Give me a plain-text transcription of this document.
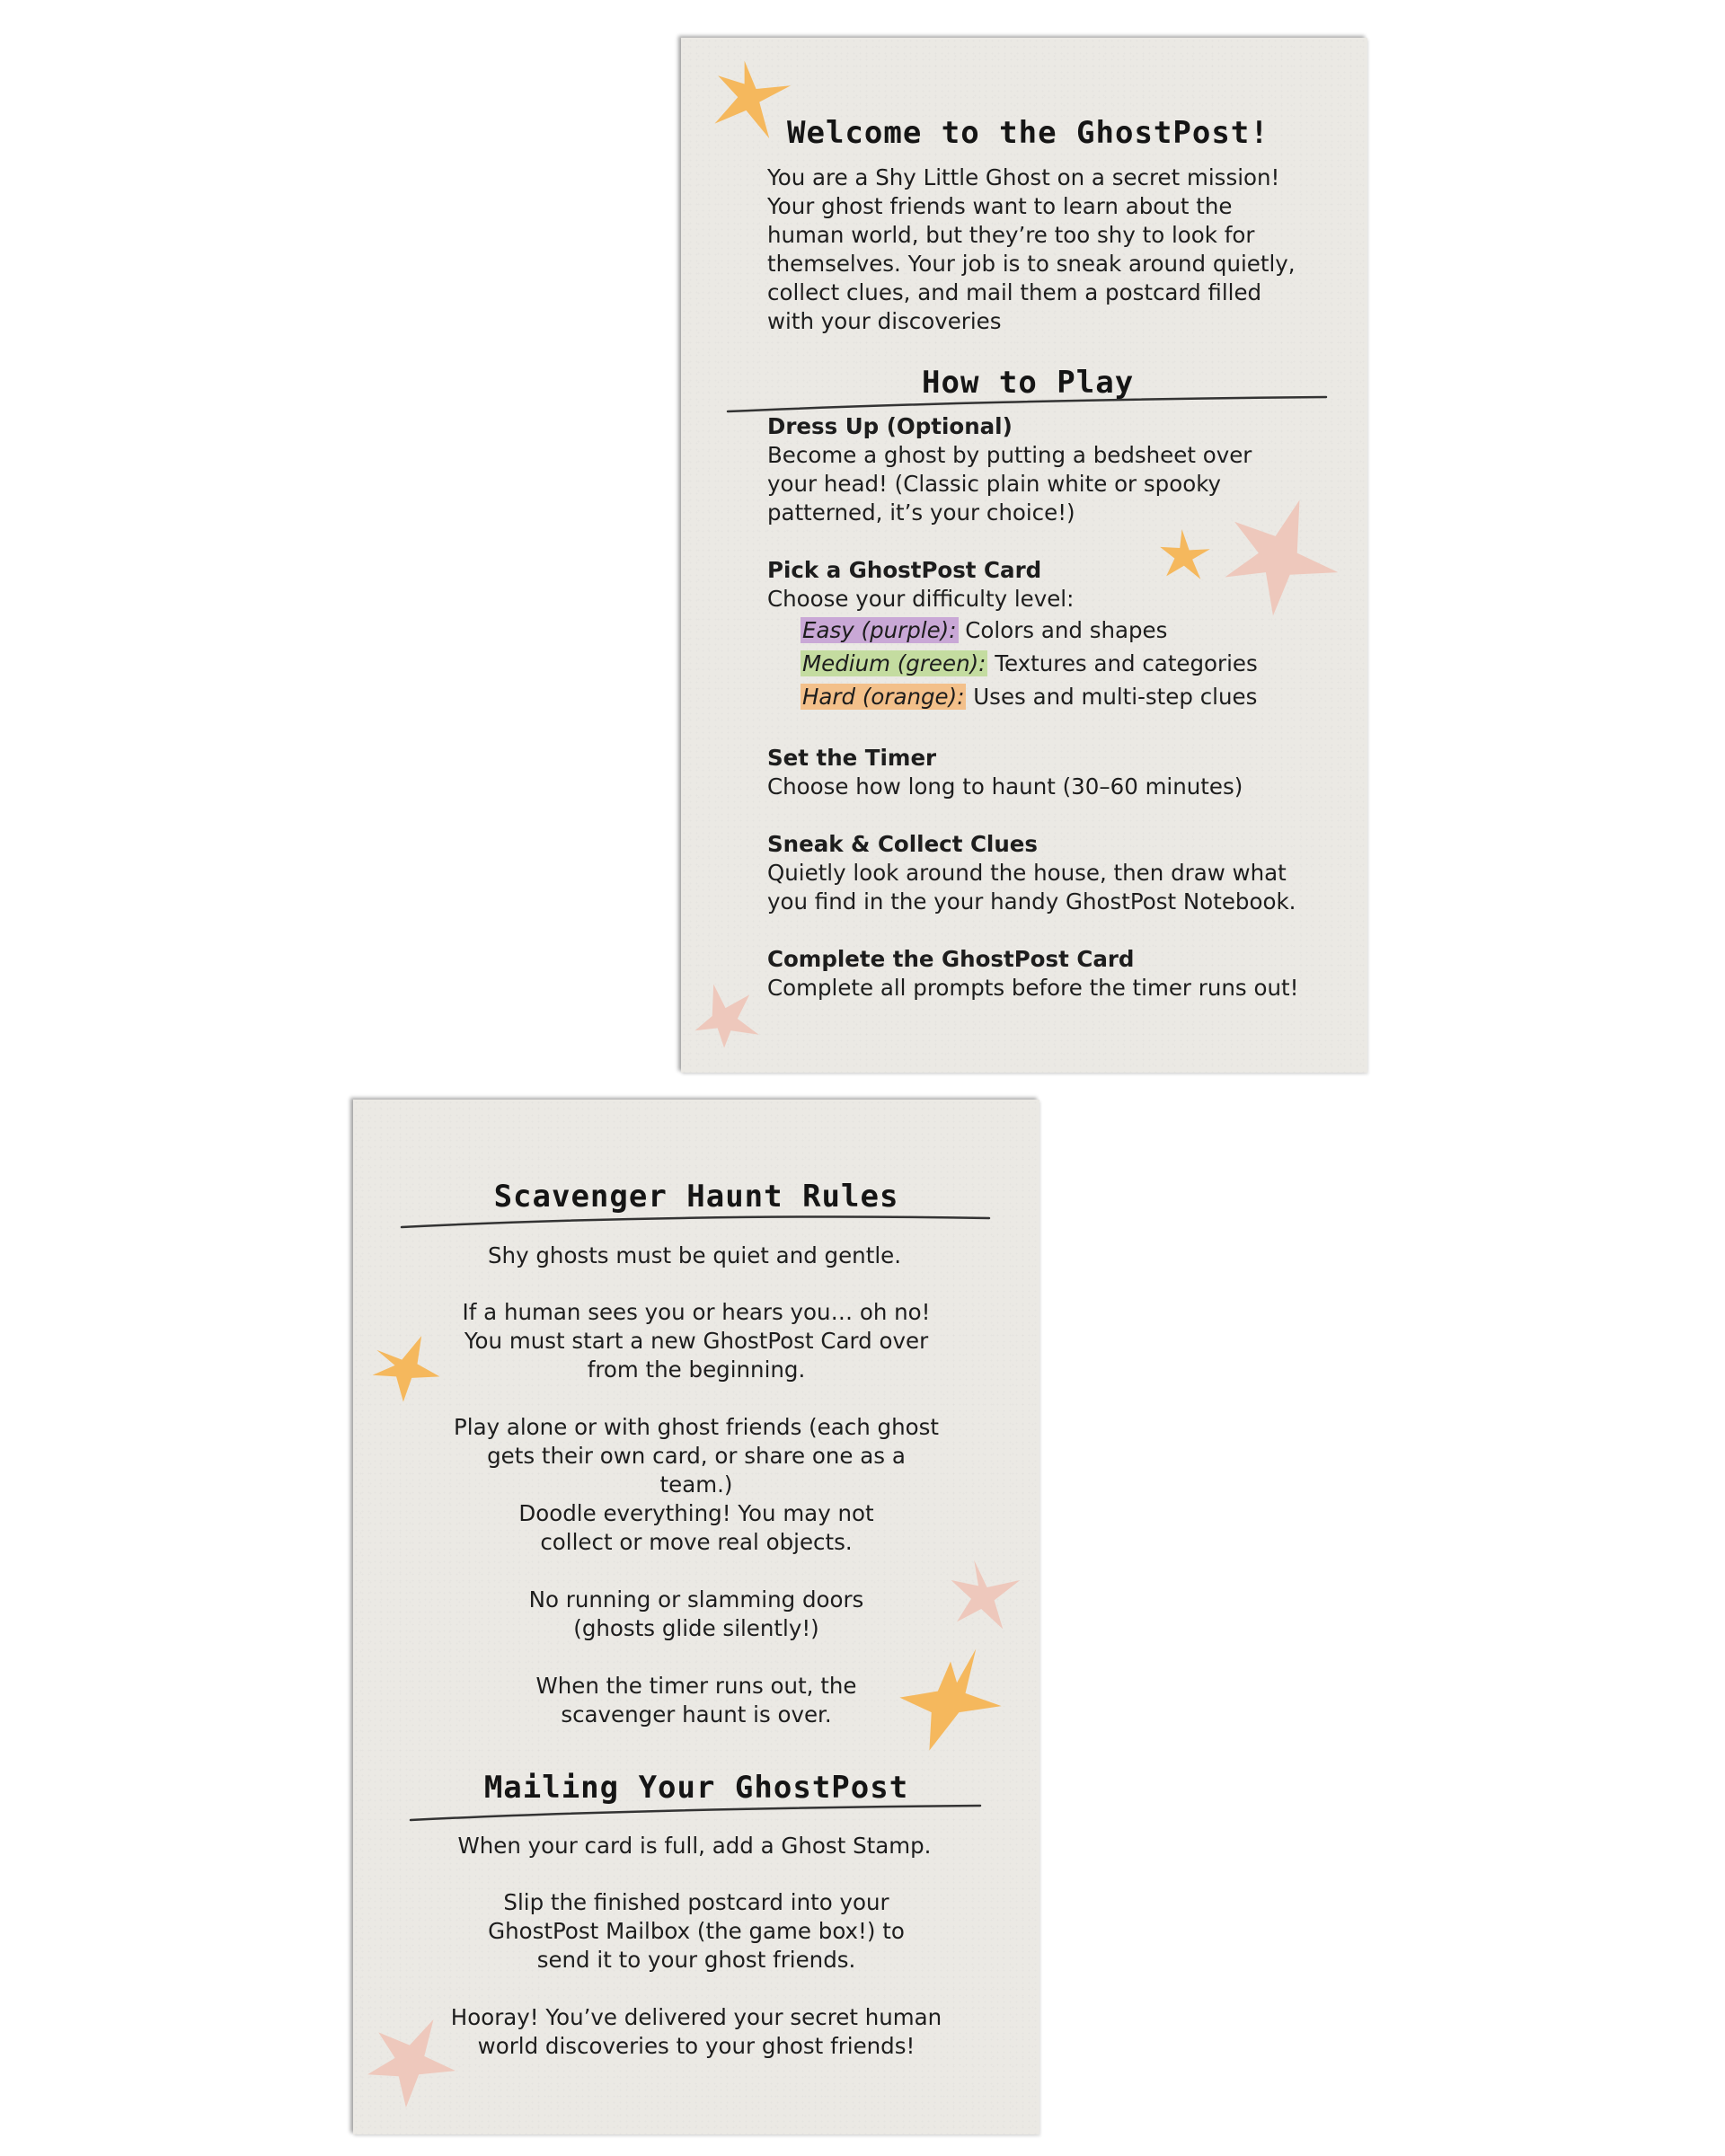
Welcome to the GhostPost!

You are a Shy Little Ghost on a secret mission! Your ghost friends want to learn about the human world, but they’re too shy to look for themselves. Your job is to sneak around quietly, collect clues, and mail them a postcard filled with your discoveries

How to Play
Dress Up (Optional)
Become a ghost by putting a bedsheet over your head! (Classic plain white or spooky patterned, it’s your choice!)
Pick a GhostPost Card
Choose your difficulty level:
Easy (purple): Colors and shapes
Medium (green): Textures and categories
Hard (orange): Uses and multi-step clues
Set the Timer
Choose how long to haunt (30–60 minutes)
Sneak & Collect Clues
Quietly look around the house, then draw what you find in the your handy GhostPost Notebook.
Complete the GhostPost Card
Complete all prompts before the timer runs out!
Scavenger Haunt Rules

Shy ghosts must be quiet and gentle.

If a human sees you or hears you… oh no! You must start a new GhostPost Card over from the beginning.

Play alone or with ghost friends (each ghost gets their own card, or share one as a team.)

Doodle everything! You may not collect or move real objects.

No running or slamming doors (ghosts glide silently!)

When the timer runs out, the scavenger haunt is over.

Mailing Your GhostPost

When your card is full, add a Ghost Stamp.

Slip the finished postcard into your GhostPost Mailbox (the game box!) to send it to your ghost friends.

Hooray! You’ve delivered your secret human world discoveries to your ghost friends!
